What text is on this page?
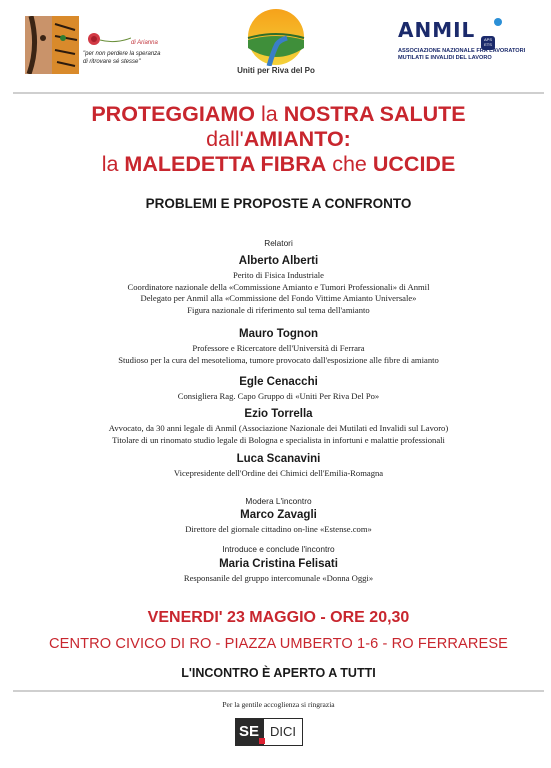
di Arianna
"per non perdere la speranza di ritrovare sé stesse"
Uniti per Riva del Po
ANMIL	APS ETS
ASSOCIAZIONE NAZIONALE FRA LAVORATORI
MUTILATI E INVALIDI DEL LAVORO
PROTEGGIAMO la NOSTRA SALUTE
dall'AMIANTO:
la MALEDETTA FIBRA che UCCIDE
PROBLEMI E PROPOSTE A CONFRONTO
Relatori
Alberto Alberti
Perito di Fisica Industriale
Coordinatore nazionale della «Commissione Amianto e Tumori Professionali» di Anmil
Delegato per Anmil alla «Commissione del Fondo Vittime Amianto Universale»
Figura nazionale di riferimento sul tema dell'amianto
Mauro Tognon
Professore e Ricercatore dell'Università di Ferrara
Studioso per la cura del mesotelioma, tumore provocato dall'esposizione alle fibre di amianto
Egle Cenacchi
Consigliera Rag. Capo Gruppo di «Uniti Per Riva Del Po»
Ezio Torrella
Avvocato, da 30 anni legale di Anmil (Associazione Nazionale dei Mutilati ed Invalidi sul Lavoro)
Titolare di un rinomato studio legale di Bologna e specialista in infortuni e malattie professionali
Luca Scanavini
Vicepresidente dell'Ordine dei Chimici dell'Emilia-Romagna
Modera L'incontro
Marco Zavagli
Direttore del giornale cittadino on-line «Estense.com»
Introduce e conclude l'incontro
Maria Cristina Felisati
Responsanile del gruppo intercomunale «Donna Oggi»
VENERDI' 23 MAGGIO - ORE 20,30
CENTRO CIVICO DI RO - PIAZZA UMBERTO 1-6 - RO FERRARESE
L'INCONTRO È APERTO A TUTTI
Per la gentile accoglienza si ringrazia
SE DICI
